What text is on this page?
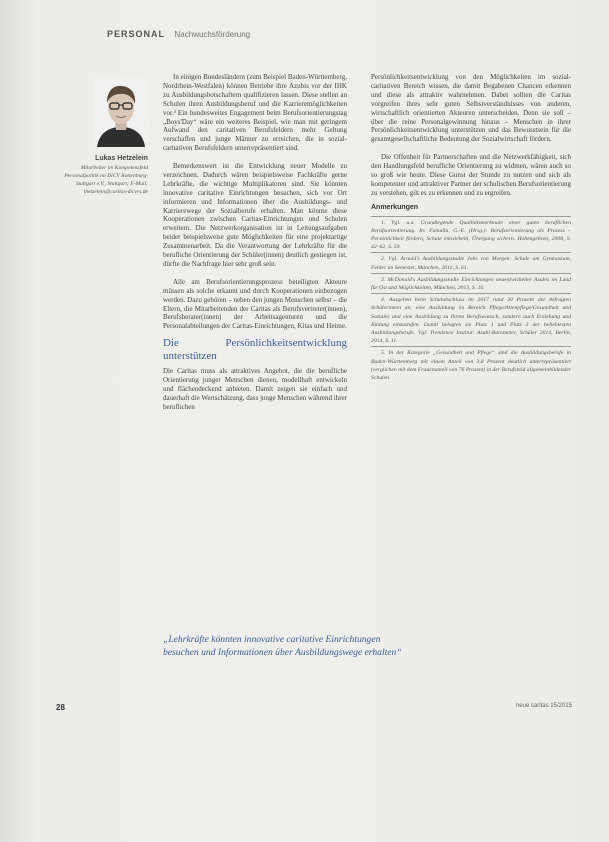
PERSONAL Nachwuchsförderung
Lukas Hetzelein
Mitarbeiter im Kompetenzfeld Personalpolitik im DiCV Rottenburg-Stuttgart e.V., Stuttgart; E-Mail: lhetzelein@caritas-dicvrs.de

In einigen Bundesländern (zum Beispiel Baden-Württemberg, Nordrhein-Westfalen) können Betriebe ihre Azubis vor der IHK zu Ausbildungsbotschaftern qualifizieren lassen. Diese stellen an Schulen ihren Ausbildungsberuf und die Karrieremöglichkeiten vor.³ Ein bundesweites Engagement beim Berufsorientierungstag „Boys'Day“ wäre ein weiteres Beispiel, wie man mit geringem Aufwand den caritativen Berufsfeldern mehr Geltung verschaffen und junge Männer zu erreichen, die in sozial-caritativen Berufsfeldern unterrepräsentiert sind.

Bemerkenswert ist die Entwicklung neuer Modelle zu verzeichnen. Dadurch wären beispielsweise Fachkräfte gerne Lehrkräfte, die wichtige Multiplikatoren sind. Sie könnten innovative caritative Einrichtungen besuchen, sich vor Ort informieren und Informationen über die Ausbildungs- und Karrierewege der Sozialberufe erhalten. Man könnte diese Kooperationen zwischen Caritas-Einrichtungen und Schulen erweitern. Die Netzwerkorganisation ist in Leitungsaufgaben beider beispielsweise gute Möglichkeiten für eine projektartige Zusammenarbeit. Da die Verantwortung der Lehrkräfte für die berufliche Orientierung der Schüler(innen) deutlich gestiegen ist, dürfte die Nachfrage hier sehr groß sein.

Alle am Berufsorientierungsprozess beteiligten Akteure müssen als solche erkannt und durch Kooperationen einbezogen werden. Dazu gehören – neben den jungen Menschen selbst – die Eltern, die Mitarbeitenden der Caritas als Berufsvertreter(innen), Berufsberater(innen) der Arbeitsagenturen und die Personalabteilungen der Caritas-Einrichtungen, Kitas und Heime.

Die Persönlichkeitsentwicklung unterstützen

Die Caritas muss als attraktives Angebot, die die berufliche Orientierung junger Menschen dienen, modellhaft entwickeln und flächendeckend anbieten. Damit zeigen sie einfach und dauerhaft die Wertschätzung, dass junge Menschen während ihrer beruflichen

Persönlichkeitsentwicklung von den Möglichkeiten im sozial-caritativen Bereich wissen, die damit Begabenen Chancen erkennen und diese als attraktiv wahrnehmen. Dabei sollten die Caritas vorgreifen ihres sehr guten Selbstverständnisses von anderen, wirtschaftlich orientierten Akteuren unterscheiden. Denn sie soll – über die reine Personalgewinnung hinaus – Menschen in ihrer Persönlichkeitsentwicklung unterstützen und das Bewusstsein für die gesamtgesellschaftliche Bedeutung der Sozialwirtschaft fördern.

Die Offenheit für Partnerschaften und die Netzwerkfähigkeit, sich den Handlungsfeld berufliche Orientierung zu widmen, wären auch so so groß wie heute. Diese Gunst der Stunde zu nutzen und sich als kompetenter und attraktiver Partner der schulischen Berufsorientierung zu verstehen, gilt es zu erkennen und zu ergreifen.

Anmerkungen

1. Vgl. u.a. Grundlegende Qualitätsmerkmale einer guten beruflichen Berufsorientierung. In: Famulla, G.-E. (Hrsg.): Berufsorientierung als Prozess – Persönlichkeit fördern, Schule entwickeln, Übergang sichern. Hohengehren, 2008, S. 42–62, S. 50.

2. Vgl. Arnold's Ausbildungsstudie Jobs von Morgen: Schule am Gymnasium, Fehler im Semester, München, 2011, S. 61.

3. McDonald's Ausbildungsstudie Einrichtungen neuentwickelter Azubis im Land für Ost und Möglichkeiten, München, 2013, S. 16.

4. Ausgeben beim Schulabschluss im 2017 rund 30 Prozent der befragten Schülerinnen an, eine Ausbildung im Bereich Pflege/Altenpflege/Gesundheit und Soziales und eine Ausbildung zu Ihrem Berufswunsch, sondern auch Erziehung und Bildung einzustufen. Damit belegten sie Platz 1 und Platz 3 der beliebtesten Ausbildungsberufe. Vgl. Trendence Institut: Azubi-Barometer, Schüler 2014, Berlin, 2014, S. 11.

5. In der Kategorie „Gesundheit und Pflege“ sind die Ausbildungsberufe in Baden-Württemberg mit einem Anteil von 3,8 Prozent deutlich unterrepräsentiert (verglichen mit dem Frauenanteil von 76 Prozent) in der Berufsbild allgemeinbildender Schulen.

„Lehrkräfte könnten innovative caritative Einrichtungen besuchen und Informationen über Ausbildungswege erhalten“
28	neue caritas 15/2015
